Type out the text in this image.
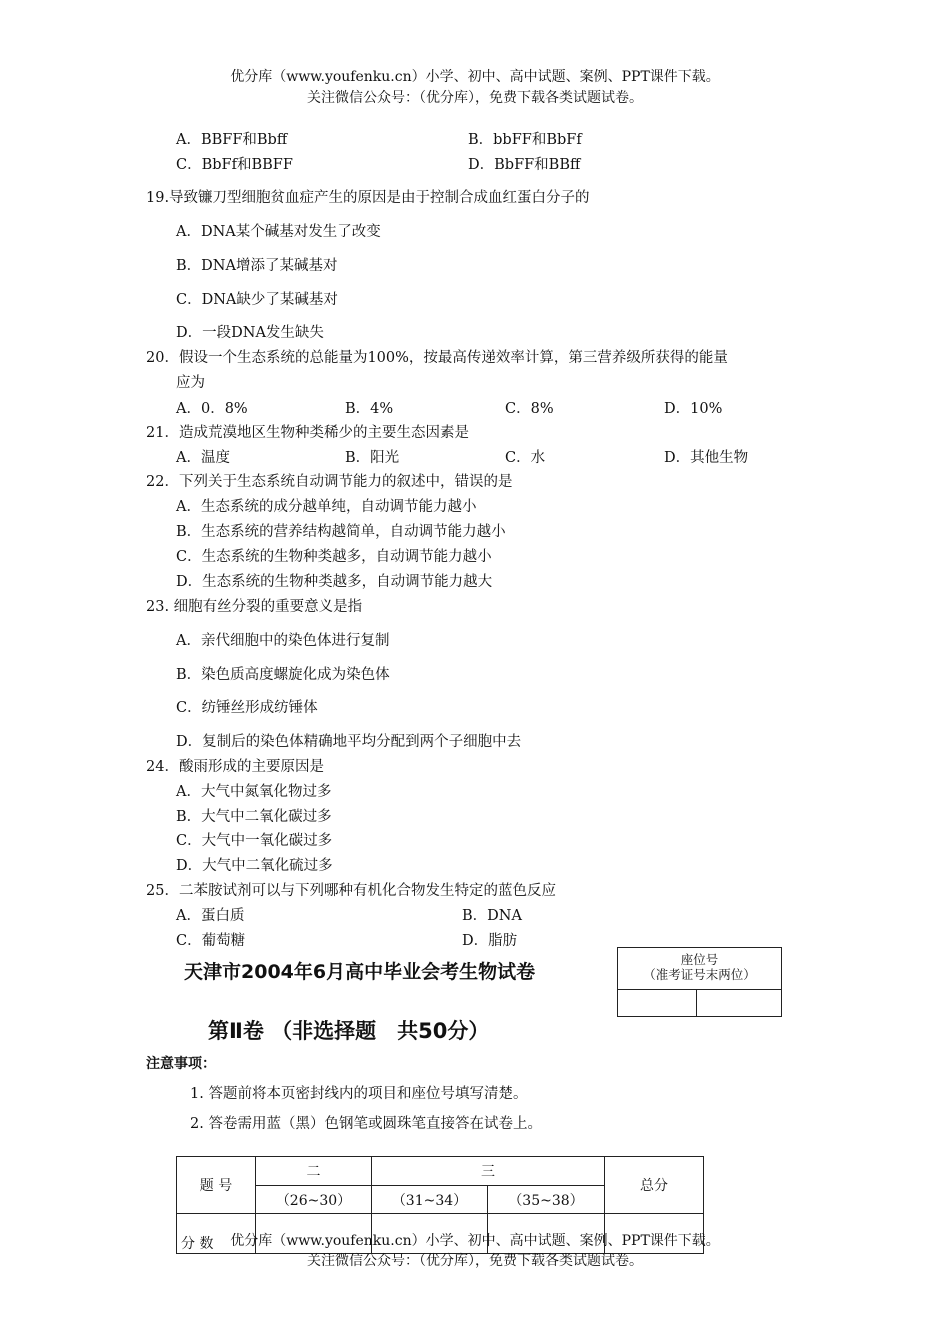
优分库（www.youfenku.cn）小学、初中、高中试题、案例、PPT课件下载。
关注微信公众号：（优分库），免费下载各类试题试卷。
A．BBFF和Bbff	B．bbFF和BbFf
C．BbFf和BBFF	D．BbFF和BBff
19.导致镰刀型细胞贫血症产生的原因是由于控制合成血红蛋白分子的
A．DNA某个碱基对发生了改变
B．DNA增添了某碱基对
C．DNA缺少了某碱基对
D．一段DNA发生缺失
20．假设一个生态系统的总能量为100%，按最高传递效率计算，第三营养级所获得的能量
应为
A．0．8%	B．4%	C．8%	D．10%
21．造成荒漠地区生物种类稀少的主要生态因素是
A．温度	B．阳光	C．水	D．其他生物
22．下列关于生态系统自动调节能力的叙述中，错误的是
A．生态系统的成分越单纯，自动调节能力越小
B．生态系统的营养结构越简单，自动调节能力越小
C．生态系统的生物种类越多，自动调节能力越小
D．生态系统的生物种类越多，自动调节能力越大
23. 细胞有丝分裂的重要意义是指
A．亲代细胞中的染色体进行复制
B．染色质高度螺旋化成为染色体
C．纺锤丝形成纺锤体
D．复制后的染色体精确地平均分配到两个子细胞中去
24．酸雨形成的主要原因是
A．大气中氮氧化物过多
B．大气中二氧化碳过多
C．大气中一氧化碳过多
D．大气中二氧化硫过多
25．二苯胺试剂可以与下列哪种有机化合物发生特定的蓝色反应
A．蛋白质	B．DNA
C．葡萄糖	D．脂肪
天津市2004年6月高中毕业会考生物试卷
座位号
（准考证号末两位）
第Ⅱ卷 （非选择题　共50分）
注意事项：
1. 答题前将本页密封线内的项目和座位号填写清楚。
2. 答卷需用蓝（黑）色钢笔或圆珠笔直接答在试卷上。
题 号	二	三		总分
	（26~30）	（31~34）	（35~38）	
分 数					优分库（www.youfenku.cn）小学、初中、高中试题、案例、PPT课件下载。
关注微信公众号：（优分库），免费下载各类试题试卷。
